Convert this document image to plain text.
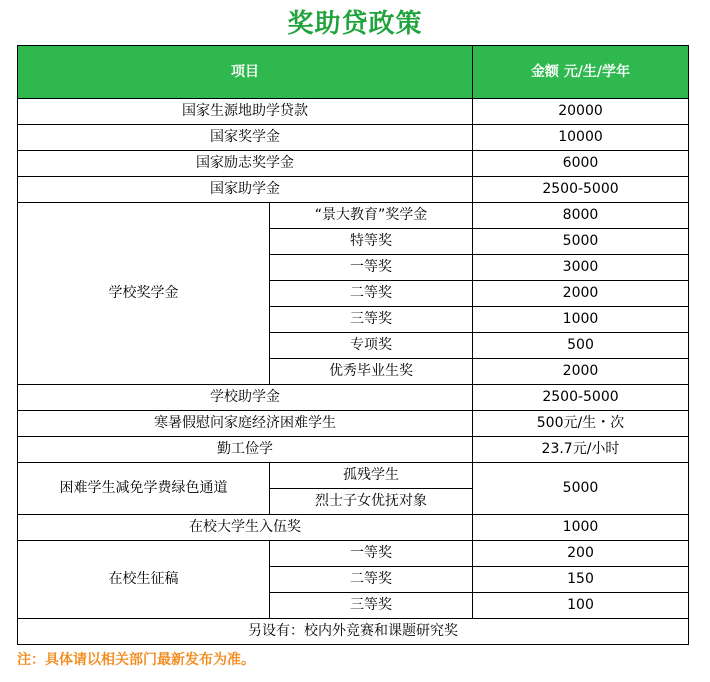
奖助贷政策
项目		金额 元/生/学年
国家生源地助学贷款		20000
国家奖学金		10000
国家励志奖学金		6000
国家助学金		2500-5000
学校奖学金	“景大教育”奖学金	8000
	特等奖	5000
	一等奖	3000
	二等奖	2000
	三等奖	1000
	专项奖	500
	优秀毕业生奖	2000
学校助学金		2500-5000
寒暑假慰问家庭经济困难学生		500元/生・次
勤工俭学		23.7元/小时
困难学生减免学费绿色通道	孤残学生	5000
	烈士子女优抚对象	
在校大学生入伍奖		1000
在校生征稿	一等奖	200
	二等奖	150
	三等奖	100
另设有：校内外竞赛和课题研究奖		
注：具体请以相关部门最新发布为准。
